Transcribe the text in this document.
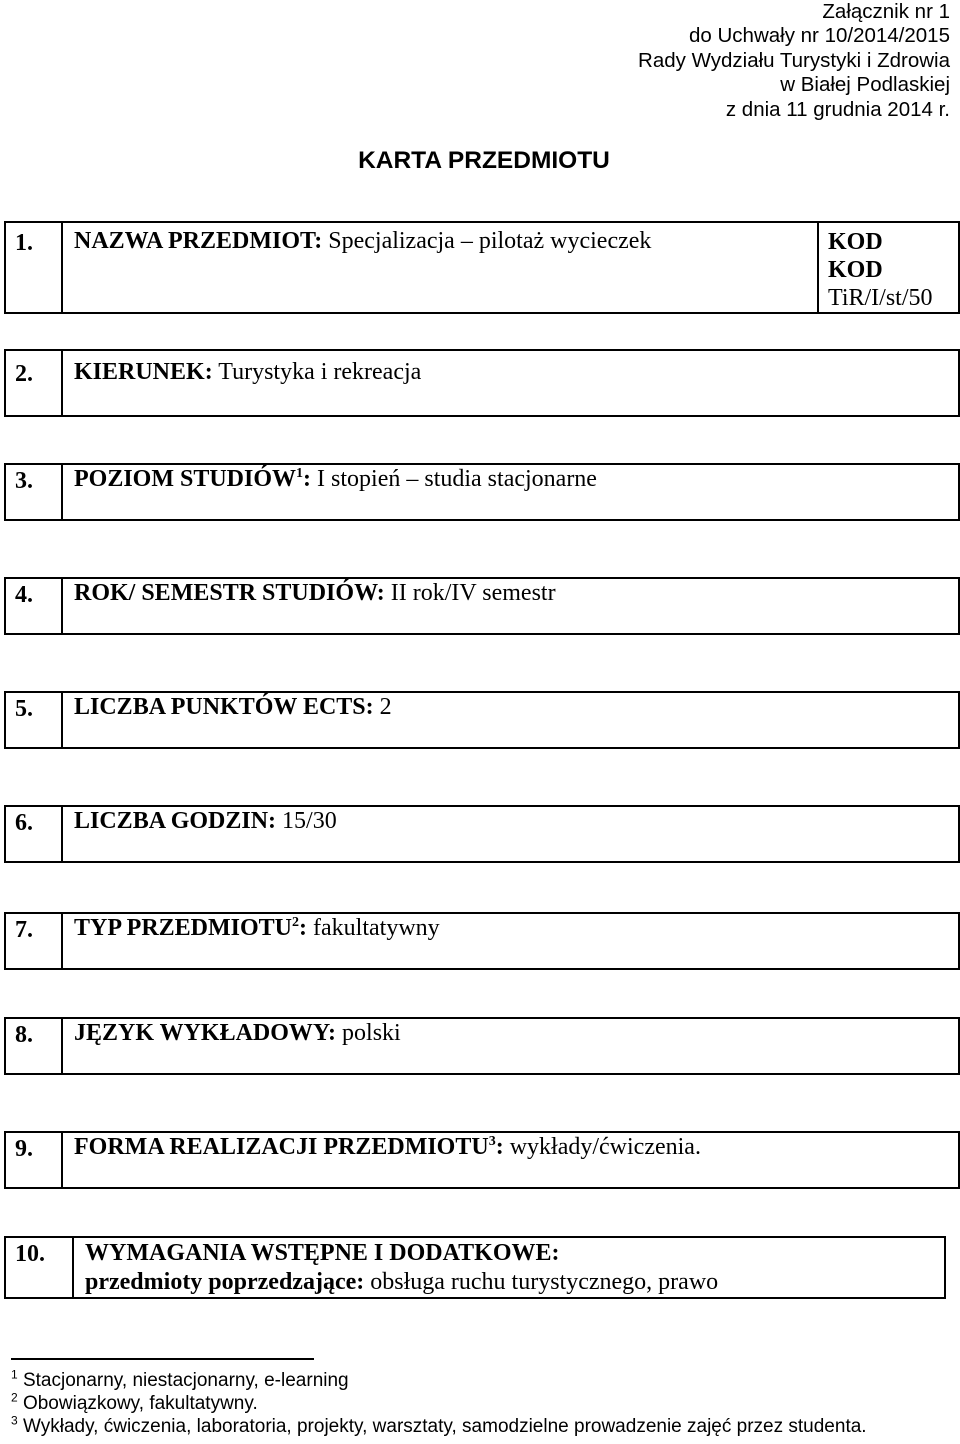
Załącznik nr 1
do Uchwały nr 10/2014/2015
Rady Wydziału Turystyki i Zdrowia
w Białej Podlaskiej
z dnia 11 grudnia 2014 r.
KARTA PRZEDMIOTU
1. NAZWA PRZEDMIOT: Specjalizacja – pilotaż wycieczek	KOD
KOD
TiR/I/st/50
2. KIERUNEK: Turystyka i rekreacja
3. POZIOM STUDIÓW$^1$: I stopień – studia stacjonarne
4. ROK/ SEMESTR STUDIÓW: II rok/IV semestr
5. LICZBA PUNKTÓW ECTS: 2
6. LICZBA GODZIN: 15/30
7. TYP PRZEDMIOTU$^2$: fakultatywny
8. JĘZYK WYKŁADOWY: polski
9. FORMA REALIZACJI PRZEDMIOTU$^3$: wykłady/ćwiczenia.
10. WYMAGANIA WSTĘPNE I DODATKOWE:
przedmioty poprzedzające: obsługa ruchu turystycznego, prawo
$^1$ Stacjonarny, niestacjonarny, e-learning
$^2$ Obowiązkowy, fakultatywny.
$^3$ Wykłady, ćwiczenia, laboratoria, projekty, warsztaty, samodzielne prowadzenie zajęć przez studenta.
